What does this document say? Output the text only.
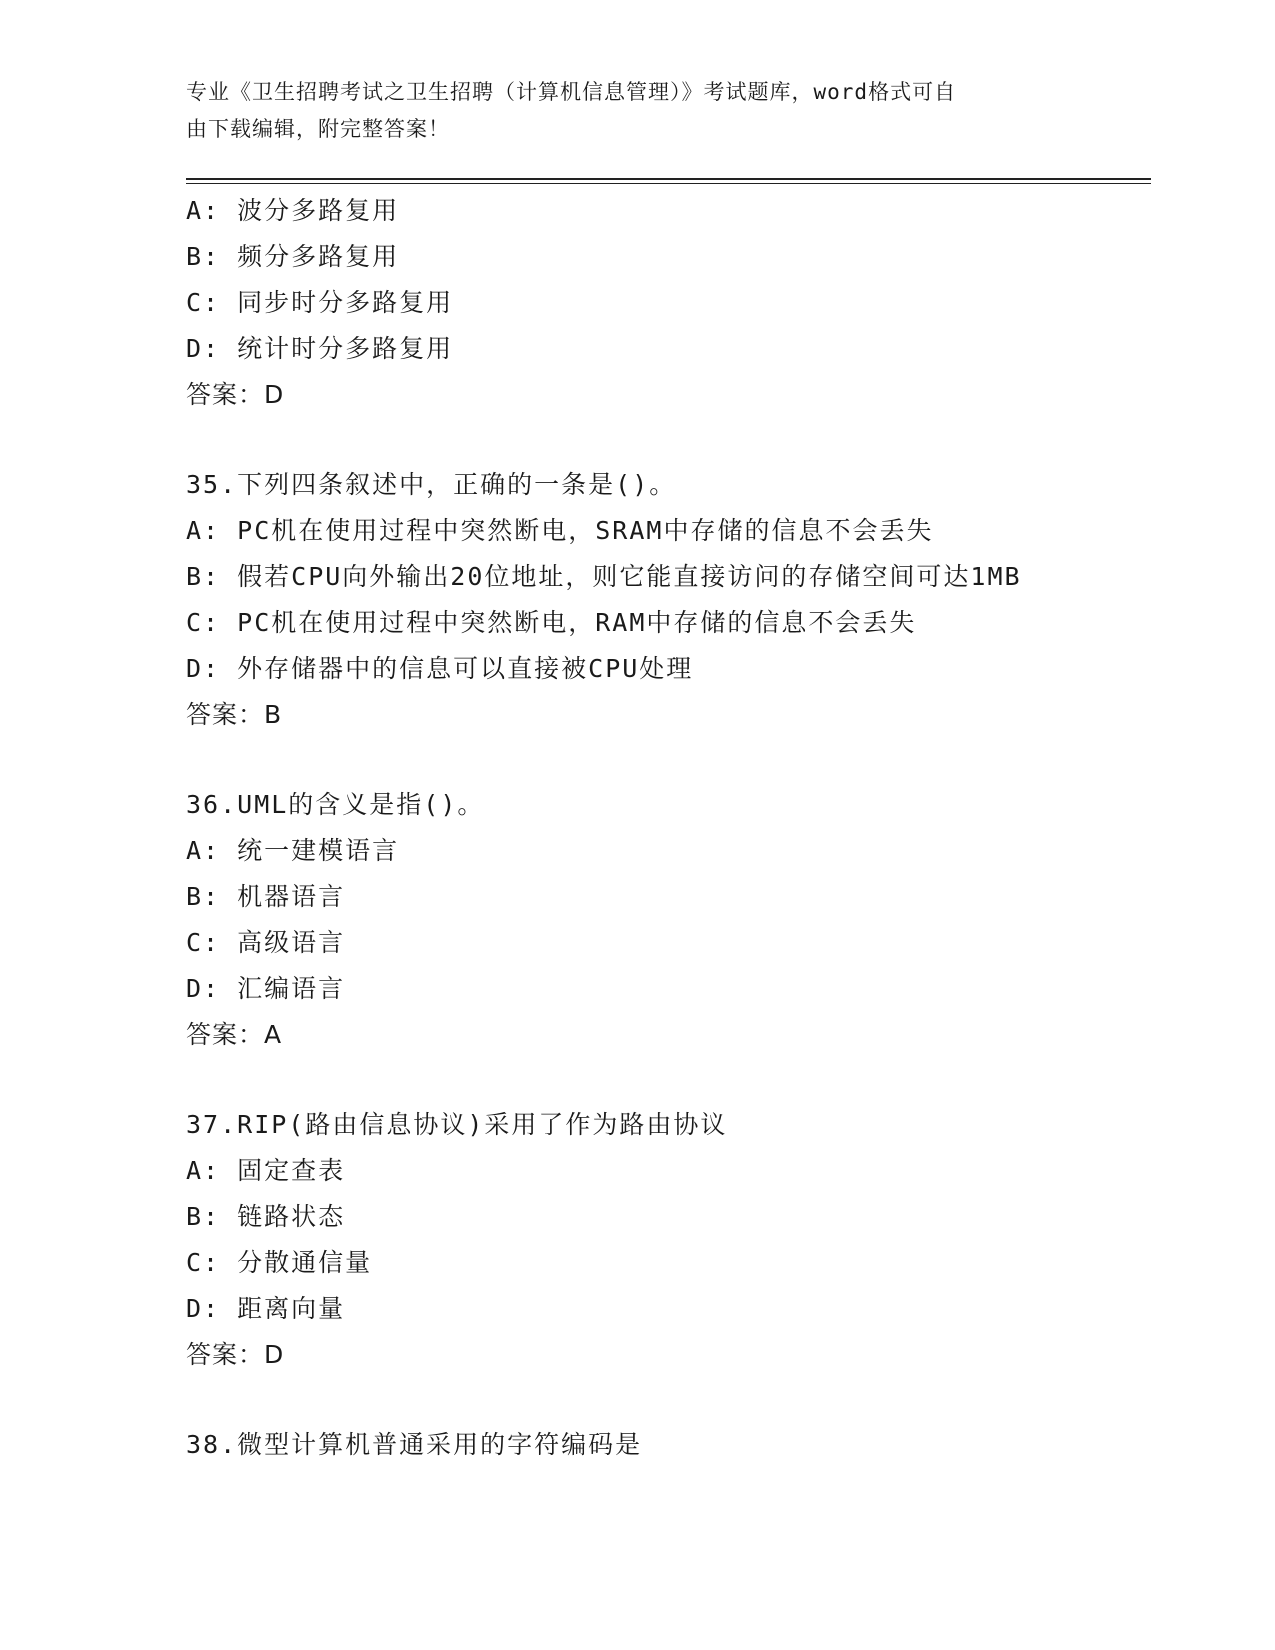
专业《卫生招聘考试之卫生招聘（计算机信息管理）》考试题库，word格式可自

由下载编辑，附完整答案！

A: 波分多路复用
B: 频分多路复用
C: 同步时分多路复用
D: 统计时分多路复用
答案：D
35.下列四条叙述中，正确的一条是()。
A: PC机在使用过程中突然断电，SRAM中存储的信息不会丢失
B: 假若CPU向外输出20位地址，则它能直接访问的存储空间可达1MB
C: PC机在使用过程中突然断电，RAM中存储的信息不会丢失
D: 外存储器中的信息可以直接被CPU处理
答案：B
36.UML的含义是指()。
A: 统一建模语言
B: 机器语言
C: 高级语言
D: 汇编语言
答案：A
37.RIP(路由信息协议)采用了作为路由协议
A: 固定查表
B: 链路状态
C: 分散通信量
D: 距离向量
答案：D
38.微型计算机普通采用的字符编码是
